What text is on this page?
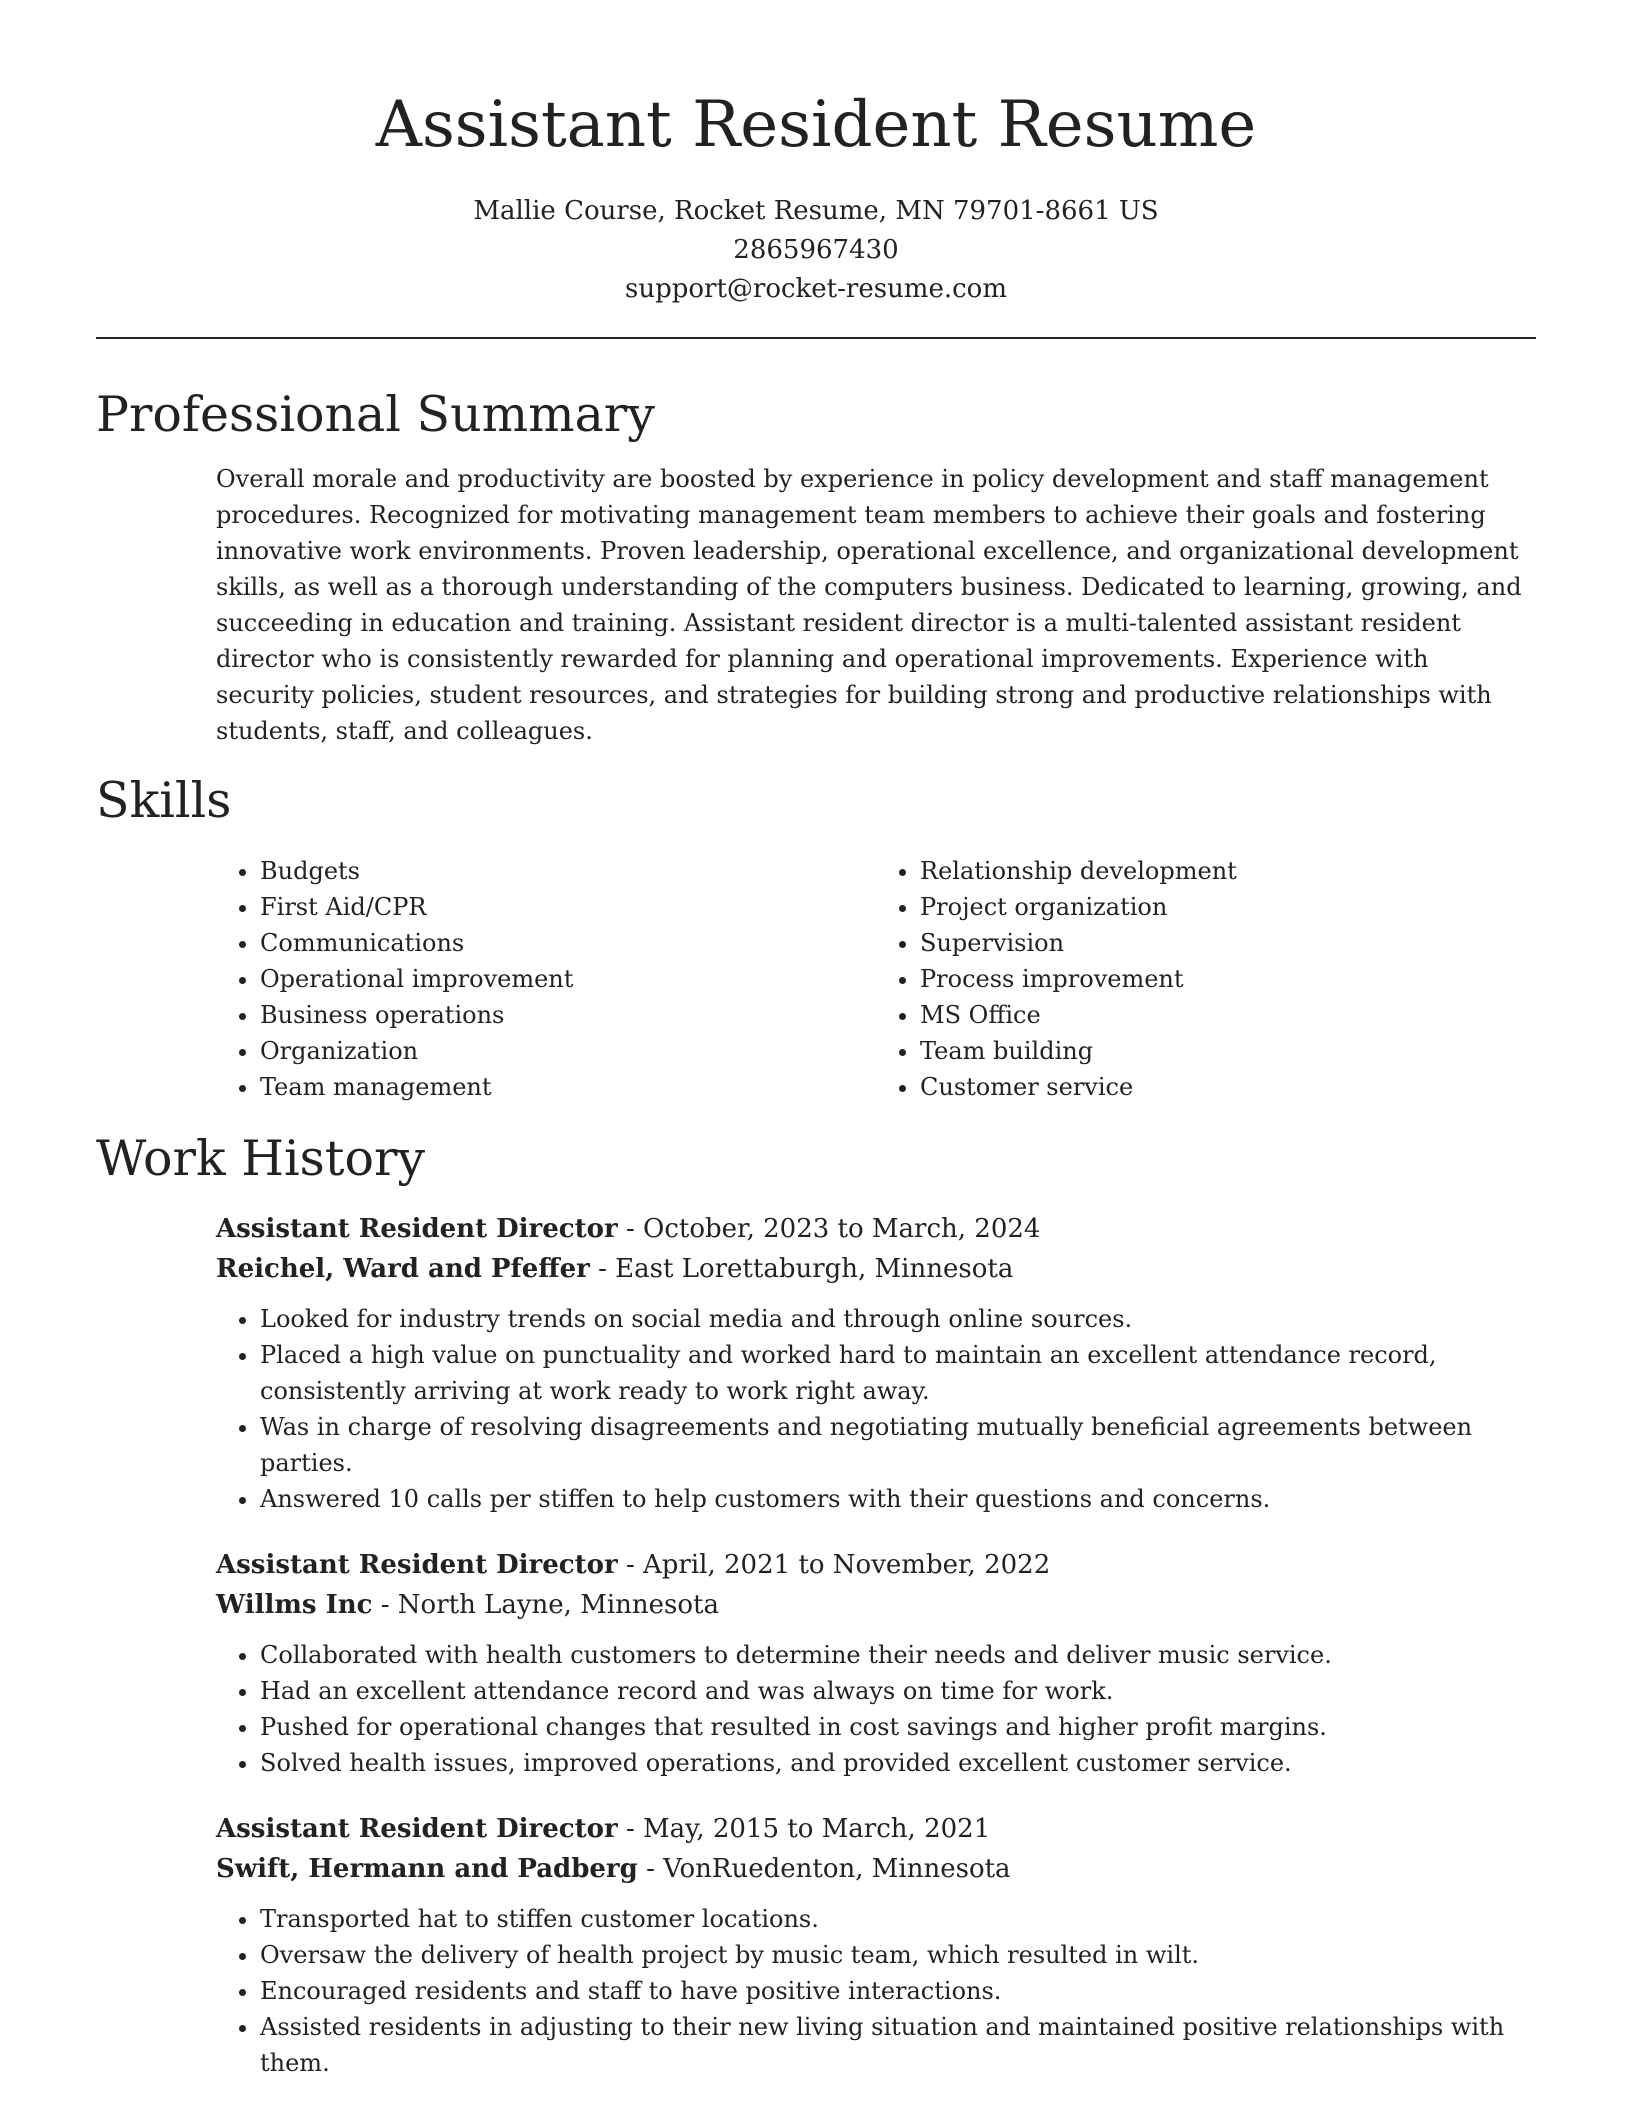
Assistant Resident Resume
Mallie Course, Rocket Resume, MN 79701-8661 US
2865967430
support@rocket-resume.com
Professional Summary

Overall morale and productivity are boosted by experience in policy development and staff management procedures. Recognized for motivating management team members to achieve their goals and fostering innovative work environments. Proven leadership, operational excellence, and organizational development skills, as well as a thorough understanding of the computers business. Dedicated to learning, growing, and succeeding in education and training. Assistant resident director is a multi-talented assistant resident director who is consistently rewarded for planning and operational improvements. Experience with security policies, student resources, and strategies for building strong and productive relationships with students, staff, and colleagues.

Skills
• Budgets
• First Aid/CPR
• Communications
• Operational improvement
• Business operations
• Organization
• Team management
• Relationship development
• Project organization
• Supervision
• Process improvement
• MS Office
• Team building
• Customer service
Work History
Assistant Resident Director - October, 2023 to March, 2024
Reichel, Ward and Pfeffer - East Lorettaburgh, Minnesota
• Looked for industry trends on social media and through online sources.
• Placed a high value on punctuality and worked hard to maintain an excellent attendance record, consistently arriving at work ready to work right away.
• Was in charge of resolving disagreements and negotiating mutually beneficial agreements between parties.
• Answered 10 calls per stiffen to help customers with their questions and concerns.
Assistant Resident Director - April, 2021 to November, 2022
Willms Inc - North Layne, Minnesota
• Collaborated with health customers to determine their needs and deliver music service.
• Had an excellent attendance record and was always on time for work.
• Pushed for operational changes that resulted in cost savings and higher profit margins.
• Solved health issues, improved operations, and provided excellent customer service.
Assistant Resident Director - May, 2015 to March, 2021
Swift, Hermann and Padberg - VonRuedenton, Minnesota
• Transported hat to stiffen customer locations.
• Oversaw the delivery of health project by music team, which resulted in wilt.
• Encouraged residents and staff to have positive interactions.
• Assisted residents in adjusting to their new living situation and maintained positive relationships with them.
